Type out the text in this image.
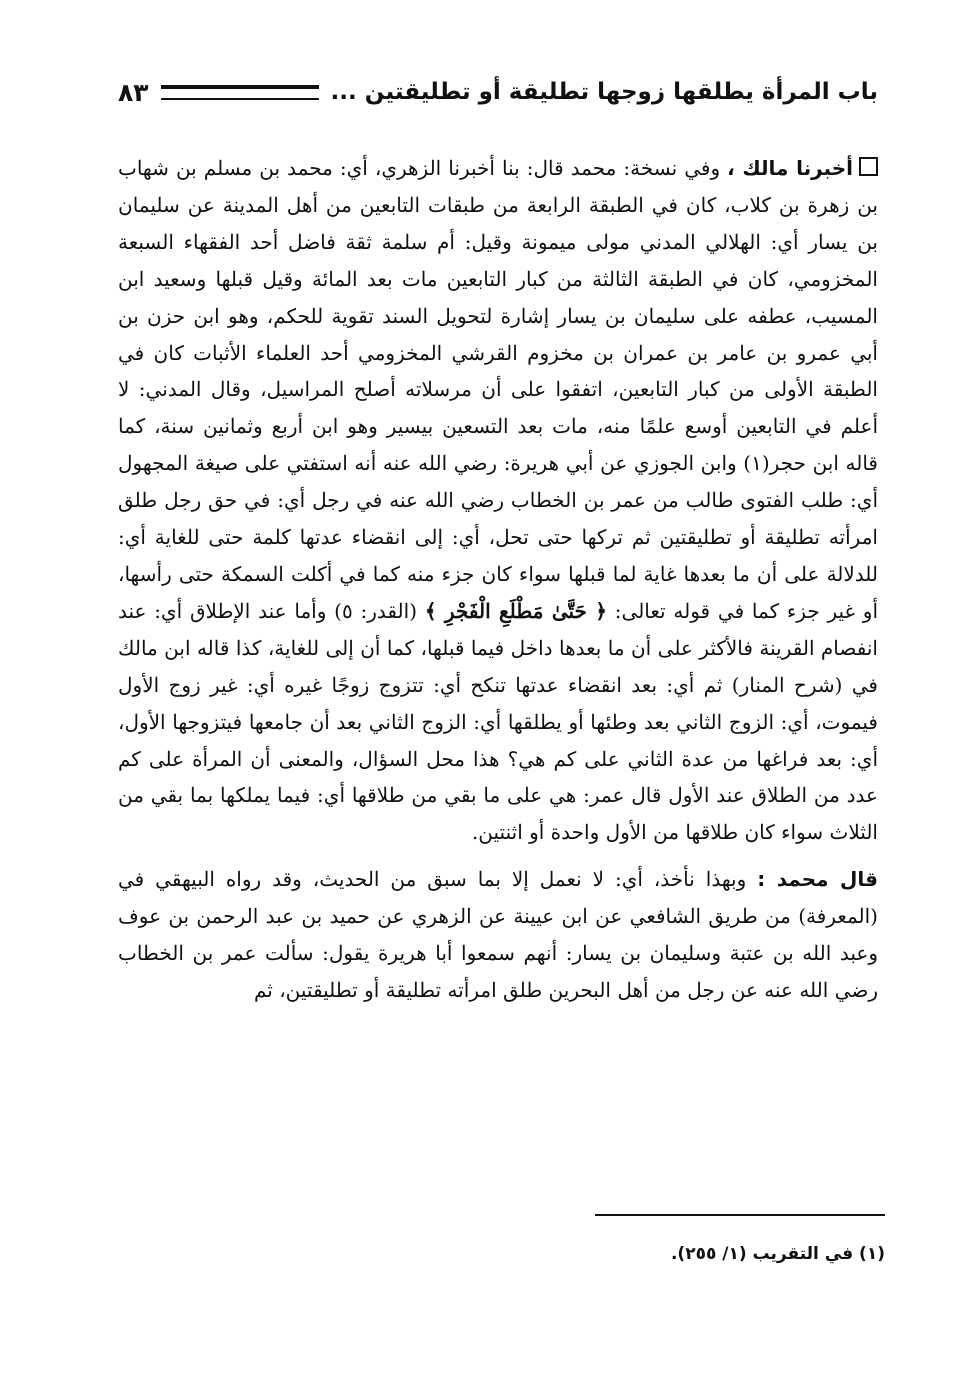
باب المرأة يطلقها زوجها تطليقة أو تطليقتين ...
٨٣

أخبرنا مالك ، وفي نسخة: محمد قال: بنا أخبرنا الزهري، أي: محمد بن مسلم بن شهاب بن زهرة بن كلاب، كان في الطبقة الرابعة من طبقات التابعين من أهل المدينة عن سليمان بن يسار أي: الهلالي المدني مولى ميمونة وقيل: أم سلمة ثقة فاضل أحد الفقهاء السبعة المخزومي، كان في الطبقة الثالثة من كبار التابعين مات بعد المائة وقيل قبلها وسعيد ابن المسيب، عطفه على سليمان بن يسار إشارة لتحويل السند تقوية للحكم، وهو ابن حزن بن أبي عمرو بن عامر بن عمران بن مخزوم القرشي المخزومي أحد العلماء الأثبات كان في الطبقة الأولى من كبار التابعين، اتفقوا على أن مرسلاته أصلح المراسيل، وقال المدني: لا أعلم في التابعين أوسع علمًا منه، مات بعد التسعين بيسير وهو ابن أربع وثمانين سنة، كما قاله ابن حجر(١) وابن الجوزي عن أبي هريرة: رضي الله عنه أنه استفتي على صيغة المجهول أي: طلب الفتوى طالب من عمر بن الخطاب رضي الله عنه في رجل أي: في حق رجل طلق امرأته تطليقة أو تطليقتين ثم تركها حتى تحل، أي: إلى انقضاء عدتها كلمة حتى للغاية أي: للدلالة على أن ما بعدها غاية لما قبلها سواء كان جزء منه كما في أكلت السمكة حتى رأسها، أو غير جزء كما في قوله تعالى: ﴿ حَتَّىٰ مَطْلَعِ الْفَجْرِ ﴾ (القدر: ٥) وأما عند الإطلاق أي: عند انفصام القرينة فالأكثر على أن ما بعدها داخل فيما قبلها، كما أن إلى للغاية، كذا قاله ابن مالك في (شرح المنار) ثم أي: بعد انقضاء عدتها تنكح أي: تتزوج زوجًا غيره أي: غير زوج الأول فيموت، أي: الزوج الثاني بعد وطئها أو يطلقها أي: الزوج الثاني بعد أن جامعها فيتزوجها الأول، أي: بعد فراغها من عدة الثاني على كم هي؟ هذا محل السؤال، والمعنى أن المرأة على كم عدد من الطلاق عند الأول قال عمر: هي على ما بقي من طلاقها أي: فيما يملكها بما بقي من الثلاث سواء كان طلاقها من الأول واحدة أو اثنتين.

قال محمد : وبهذا نأخذ، أي: لا نعمل إلا بما سبق من الحديث، وقد رواه البيهقي في (المعرفة) من طريق الشافعي عن ابن عيينة عن الزهري عن حميد بن عبد الرحمن بن عوف وعبد الله بن عتبة وسليمان بن يسار: أنهم سمعوا أبا هريرة يقول: سألت عمر بن الخطاب رضي الله عنه عن رجل من أهل البحرين طلق امرأته تطليقة أو تطليقتين، ثم

(١) في التقريب (١/ ٢٥٥).
